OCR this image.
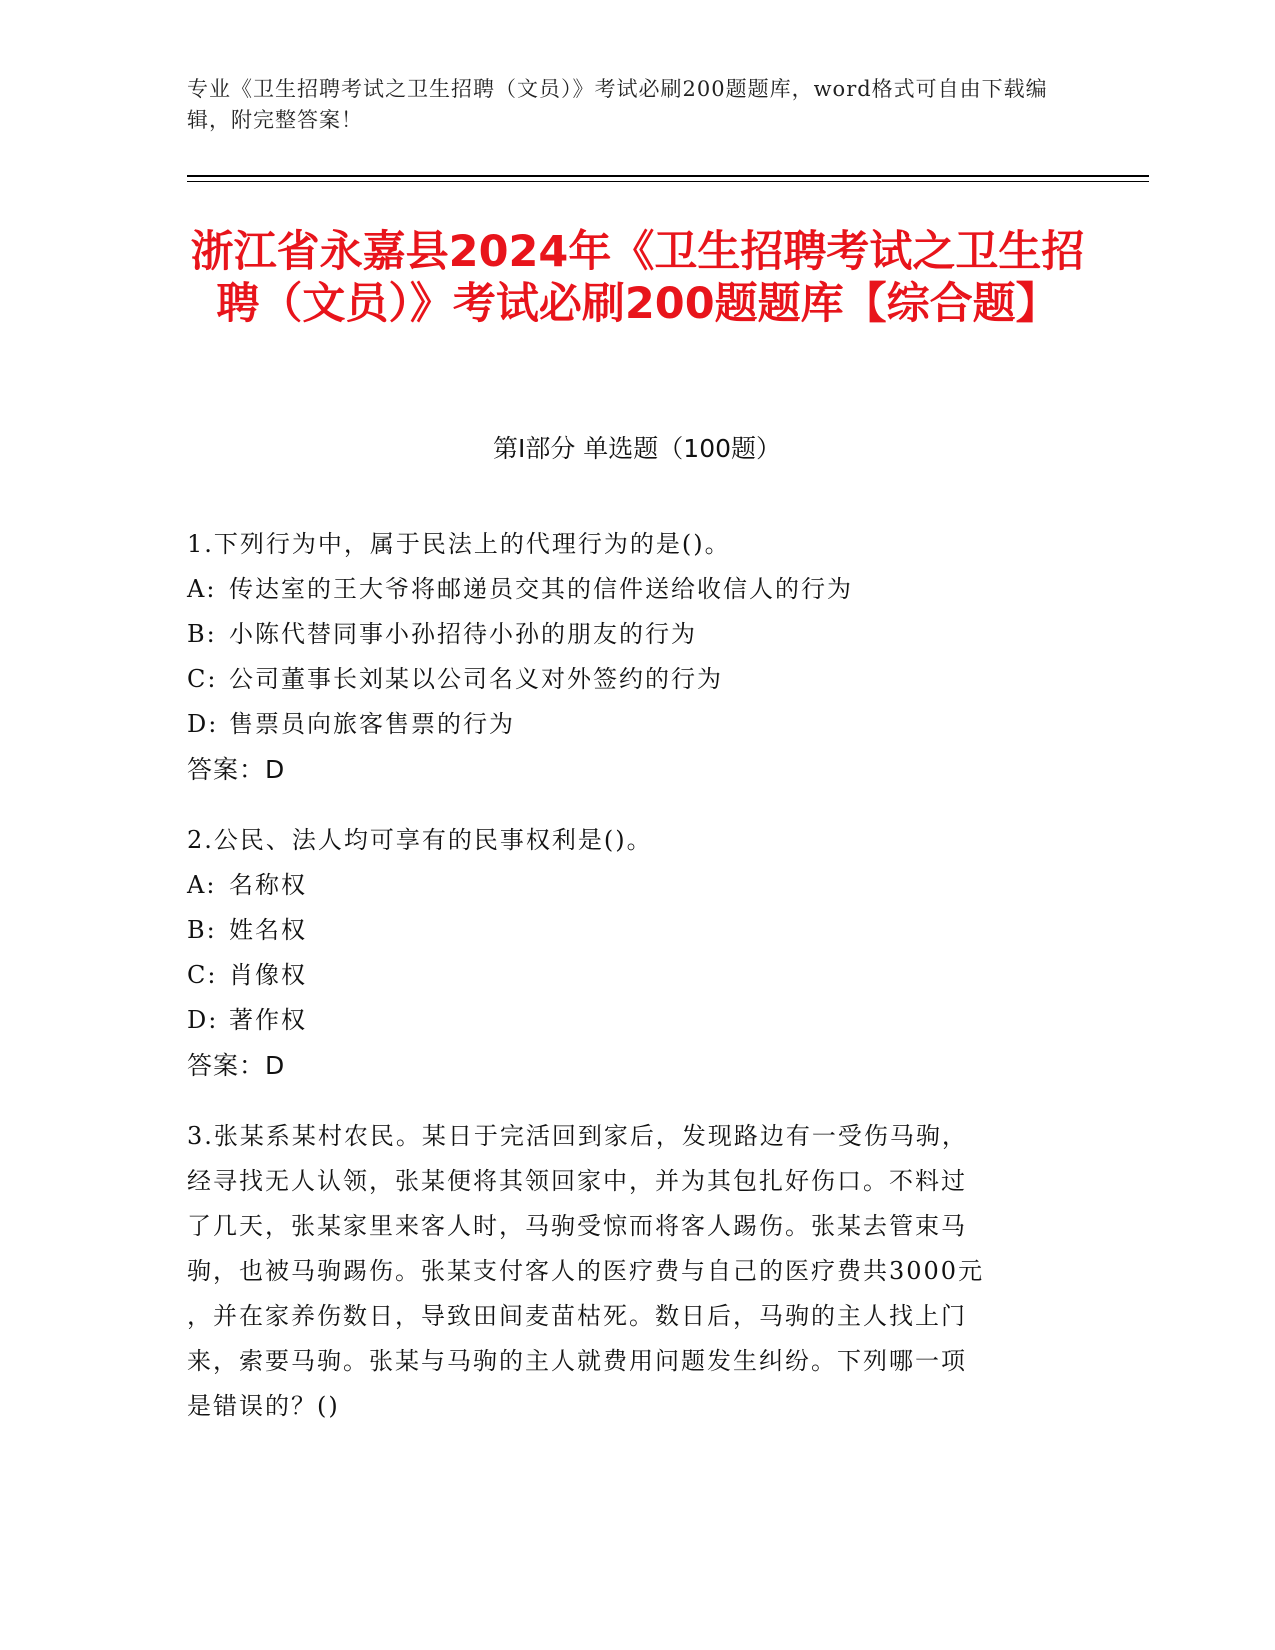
专业《卫生招聘考试之卫生招聘（文员）》考试必刷200题题库，word格式可自由下载编辑，附完整答案！
浙江省永嘉县2024年《卫生招聘考试之卫生招聘（文员）》考试必刷200题题库【综合题】
第I部分 单选题（100题）
1.下列行为中，属于民法上的代理行为的是()。
A: 传达室的王大爷将邮递员交其的信件送给收信人的行为
B: 小陈代替同事小孙招待小孙的朋友的行为
C: 公司董事长刘某以公司名义对外签约的行为
D: 售票员向旅客售票的行为
答案：D
2.公民、法人均可享有的民事权利是()。
A: 名称权
B: 姓名权
C: 肖像权
D: 著作权
答案：D
3.张某系某村农民。某日于完活回到家后，发现路边有一受伤马驹，
经寻找无人认领，张某便将其领回家中，并为其包扎好伤口。不料过
了几天，张某家里来客人时，马驹受惊而将客人踢伤。张某去管束马
驹，也被马驹踢伤。张某支付客人的医疗费与自己的医疗费共3000元
，并在家养伤数日，导致田间麦苗枯死。数日后，马驹的主人找上门
来，索要马驹。张某与马驹的主人就费用问题发生纠纷。下列哪一项
是错误的？()
